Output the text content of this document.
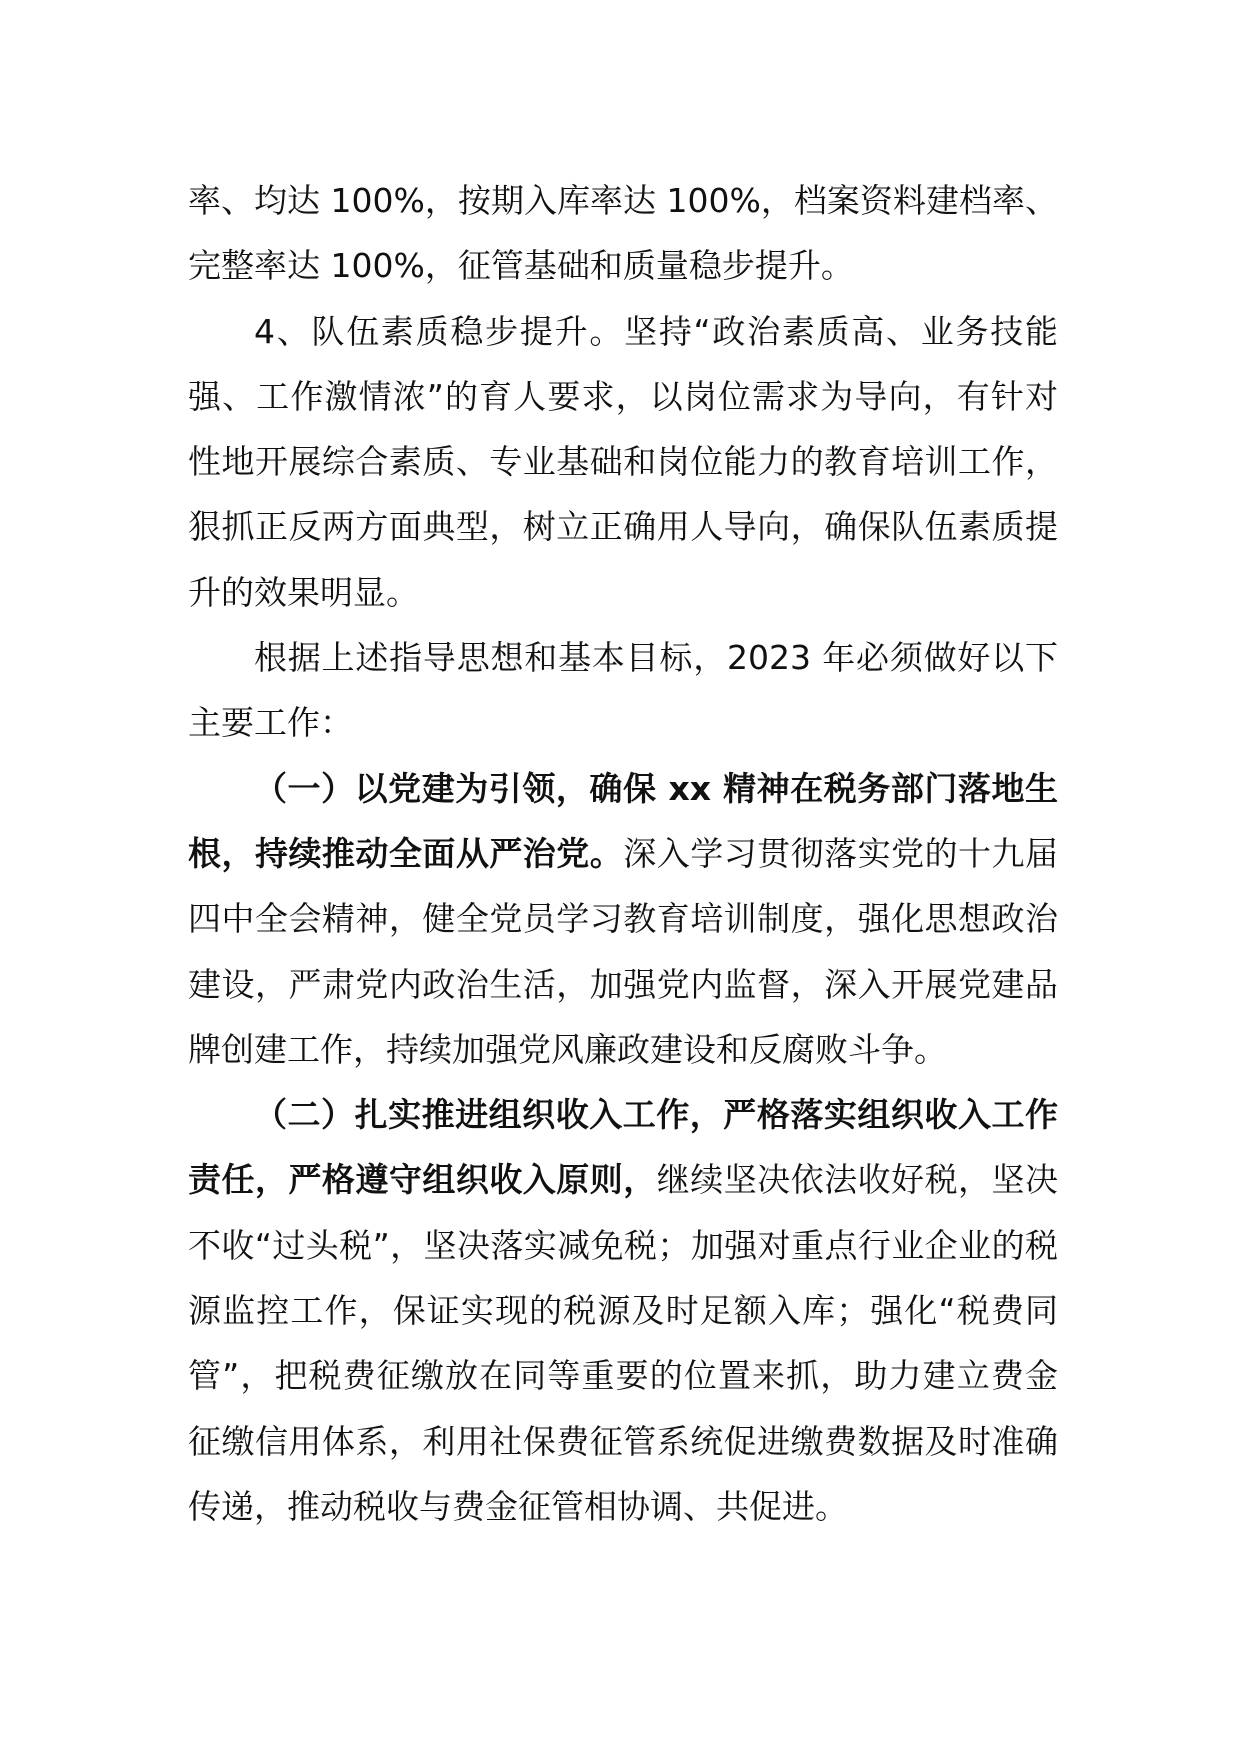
率、均达 100%，按期入库率达 100%，档案资料建档率、完整率达 100%，征管基础和质量稳步提升。

4、队伍素质稳步提升。坚持“政治素质高、业务技能强、工作激情浓”的育人要求，以岗位需求为导向，有针对性地开展综合素质、专业基础和岗位能力的教育培训工作，狠抓正反两方面典型，树立正确用人导向，确保队伍素质提升的效果明显。

根据上述指导思想和基本目标，2023 年必须做好以下主要工作：

（一）以党建为引领，确保 xx 精神在税务部门落地生根，持续推动全面从严治党。深入学习贯彻落实党的十九届四中全会精神，健全党员学习教育培训制度，强化思想政治建设，严肃党内政治生活，加强党内监督，深入开展党建品牌创建工作，持续加强党风廉政建设和反腐败斗争。

（二）扎实推进组织收入工作，严格落实组织收入工作责任，严格遵守组织收入原则，继续坚决依法收好税，坚决不收“过头税”，坚决落实减免税；加强对重点行业企业的税源监控工作，保证实现的税源及时足额入库；强化“税费同管”，把税费征缴放在同等重要的位置来抓，助力建立费金征缴信用体系，利用社保费征管系统促进缴费数据及时准确传递，推动税收与费金征管相协调、共促进。
